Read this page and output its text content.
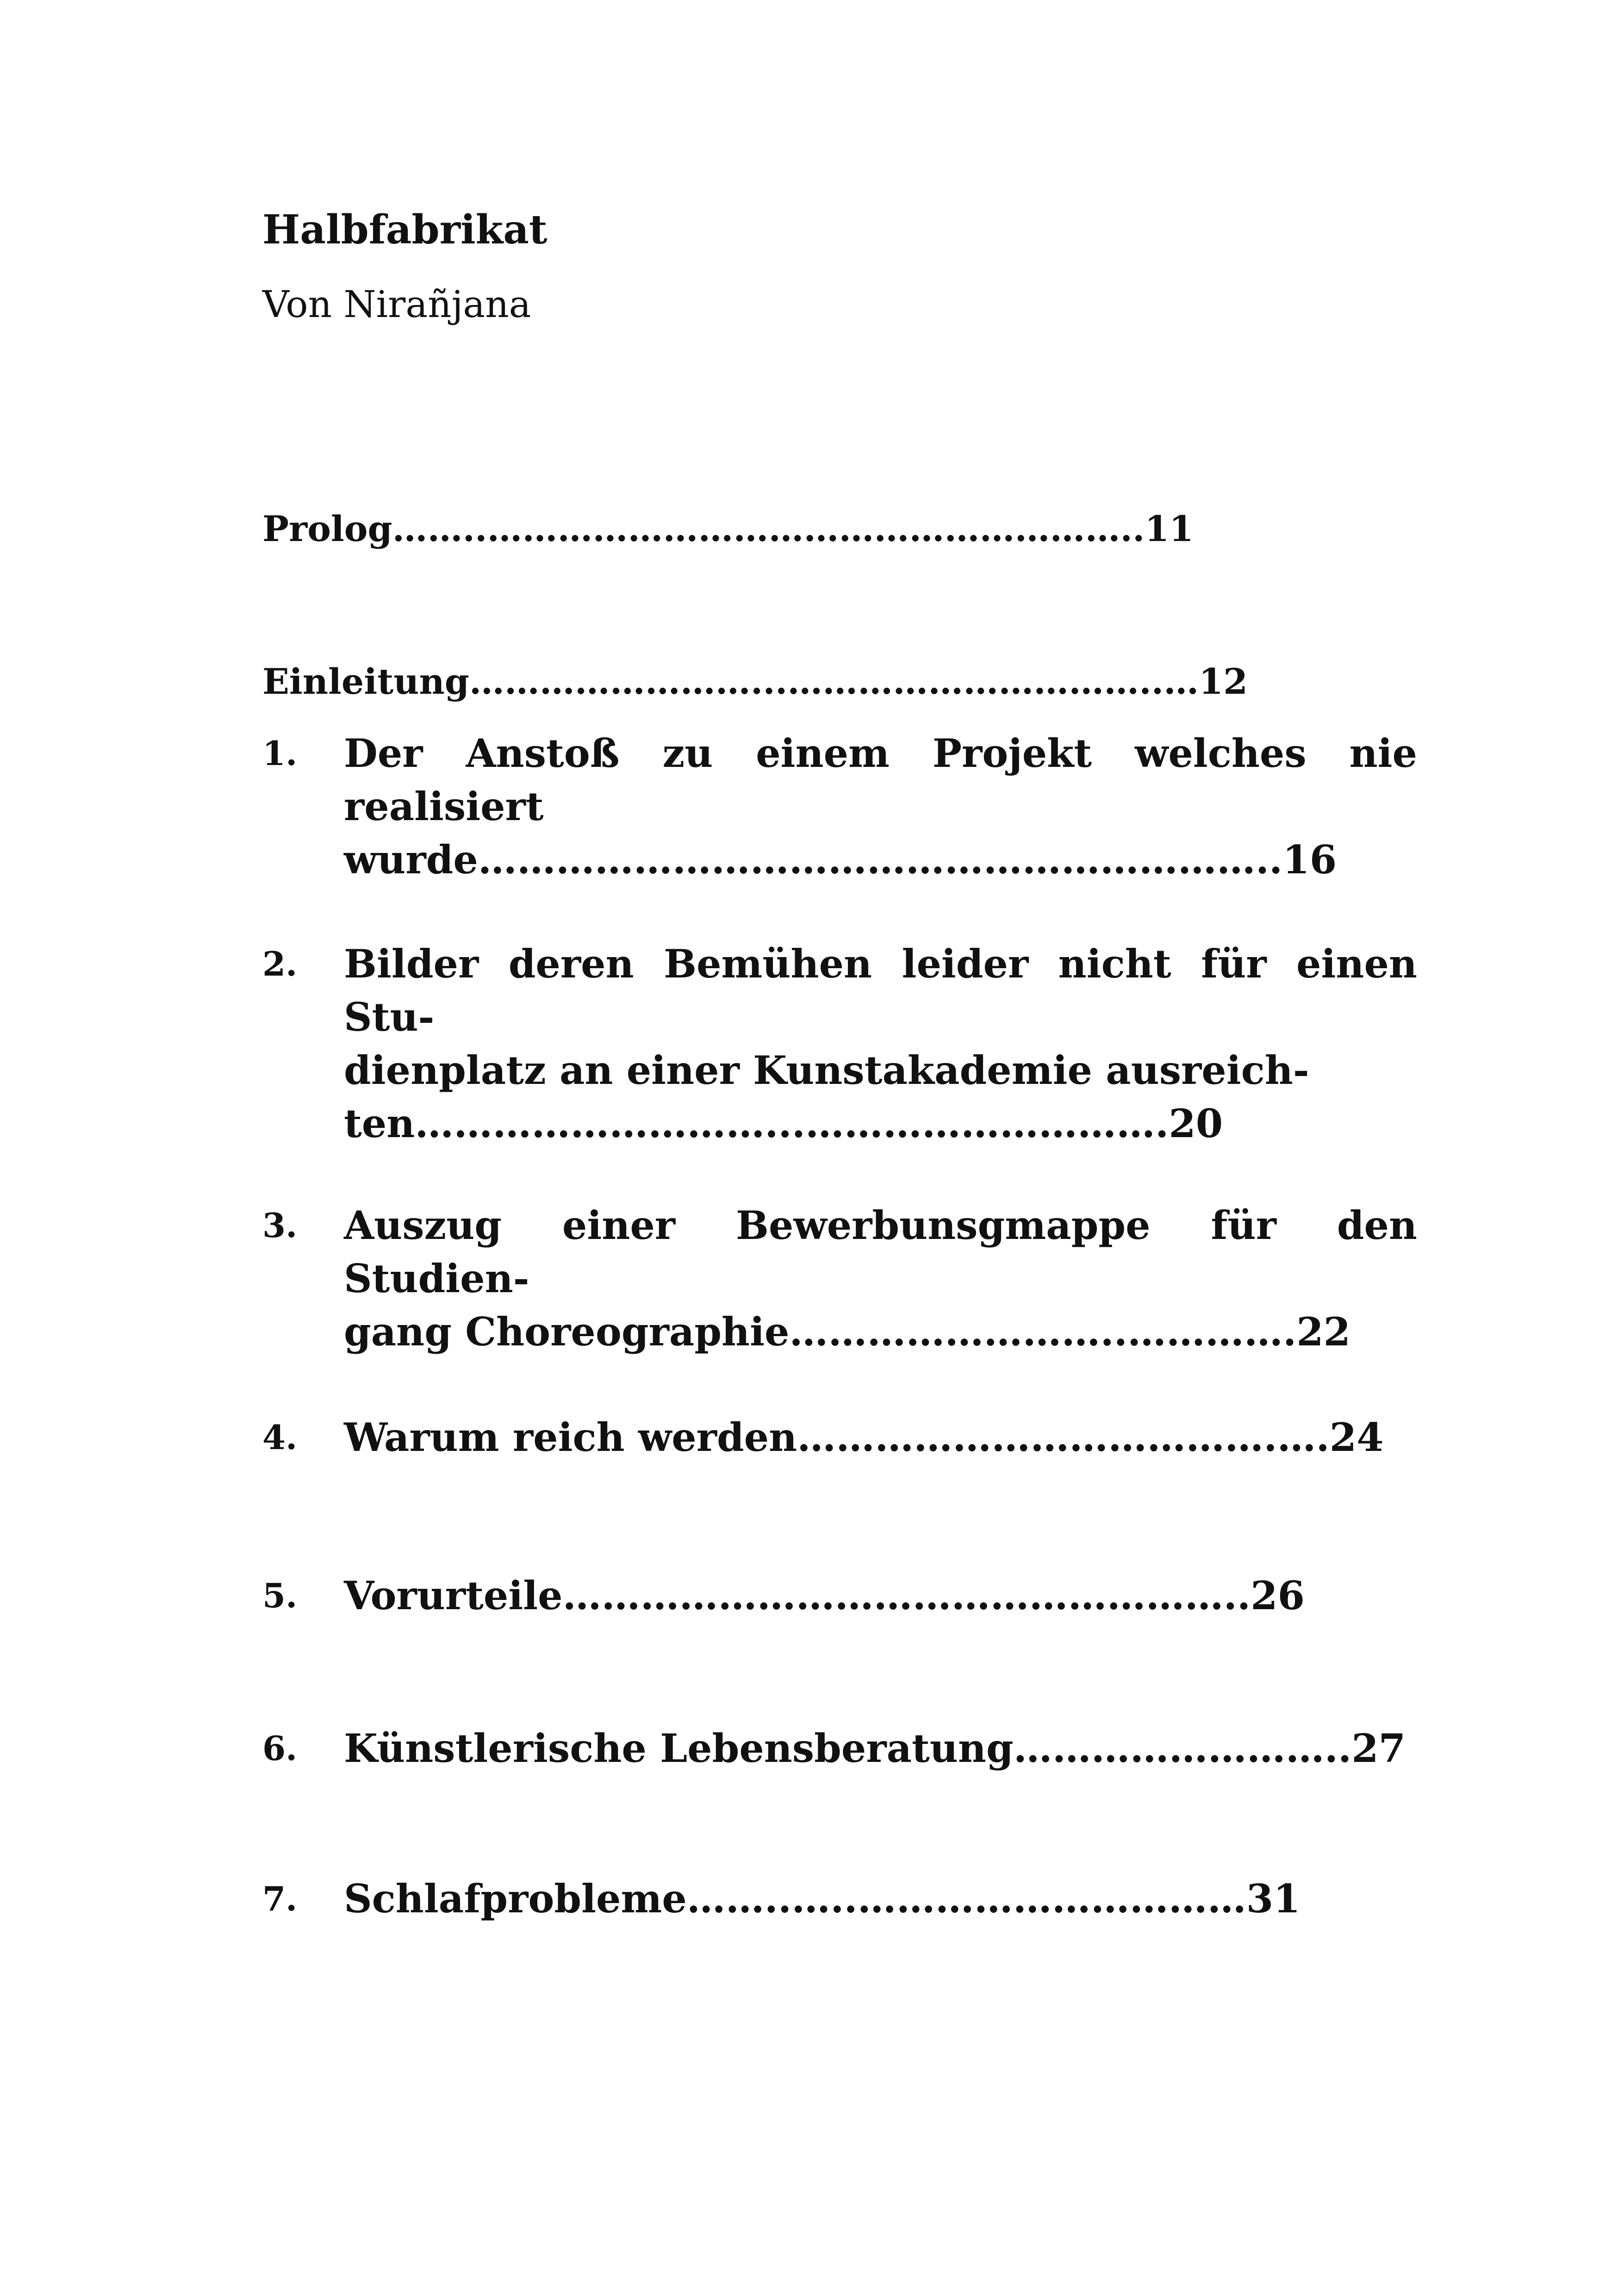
Halbfabrikat

Von Nirañjana

Prolog……..………………………………………………..11
Einleitung……………………...…………………………..…12
1.	Der Anstoß zu einem Projekt welches nie realisiert
wurde……………………………………………………..16
2.	Bilder deren Bemühen leider nicht für einen Stu-
dienplatz an einer Kunstakademie ausreich-
ten………………………...……………………….20
3.	Auszug einer Bewerbunsgmappe für den Studien-
gang Choreographie……………………..………….22
4.	Warum reich werden……………………………….….24
5.	Vorurteile……………………………………………..26
6.	Künstlerische Lebensberatung……………………..27
7.	Schlafprobleme……..…..…………………………31
